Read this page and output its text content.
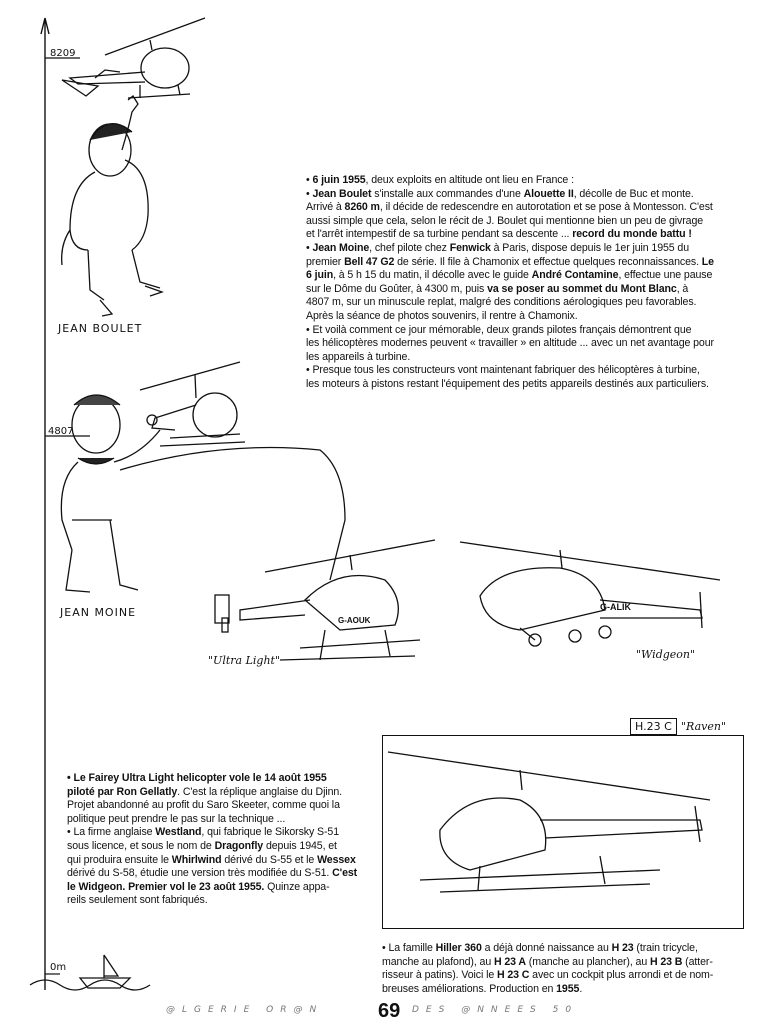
8209
4807
0m
JEAN BOULET
JEAN MOINE

• 6 juin 1955, deux exploits en altitude ont lieu en France :

• Jean Boulet s'installe aux commandes d'une Alouette II, décolle de Buc et monte.

Arrivé à 8260 m, il décide de redescendre en autorotation et se pose à Montesson. C'est

aussi simple que cela, selon le récit de J. Boulet qui mentionne bien un peu de givrage

et l'arrêt intempestif de sa turbine pendant sa descente ... record du monde battu !

• Jean Moine, chef pilote chez Fenwick à Paris, dispose depuis le 1er juin 1955 du

premier Bell 47 G2 de série. Il file à Chamonix et effectue quelques reconnaissances. Le

6 juin, à 5 h 15 du matin, il décolle avec le guide André Contamine, effectue une pause

sur le Dôme du Goûter, à 4300 m, puis va se poser au sommet du Mont Blanc, à

4807 m, sur un minuscule replat, malgré des conditions aérologiques peu favorables.

Après la séance de photos souvenirs, il rentre à Chamonix.

• Et voilà comment ce jour mémorable, deux grands pilotes français démontrent que

les hélicoptères modernes peuvent « travailler » en altitude ... avec un net avantage pour

les appareils à turbine.

• Presque tous les constructeurs vont maintenant fabriquer des hélicoptères à turbine,

les moteurs à pistons restant l'équipement des petits appareils destinés aux particuliers.

G-AOUK
"Ultra Light"
G-ALIK
"Widgeon"
H.23 C "Raven"

• Le Fairey Ultra Light helicopter vole le 14 août 1955

piloté par Ron Gellatly. C'est la réplique anglaise du Djinn.

Projet abandonné au profit du Saro Skeeter, comme quoi la

politique peut prendre le pas sur la technique ...

• La firme anglaise Westland, qui fabrique le Sikorsky S-51

sous licence, et sous le nom de Dragonfly depuis 1945, et

qui produira ensuite le Whirlwind dérivé du S-55 et le Wessex

dérivé du S-58, étudie une version très modifiée du S-51. C'est

le Widgeon. Premier vol le 23 août 1955. Quinze appa-

reils seulement sont fabriqués.

• La famille Hiller 360 a déjà donné naissance au H 23 (train tricycle,

manche au plafond), au H 23 A (manche au plancher), au H 23 B (atter-

risseur à patins). Voici le H 23 C avec un cockpit plus arrondi et de nom-

breuses améliorations. Production en 1955.

@LGERIE OR@N	69 DES @NNEES 50
